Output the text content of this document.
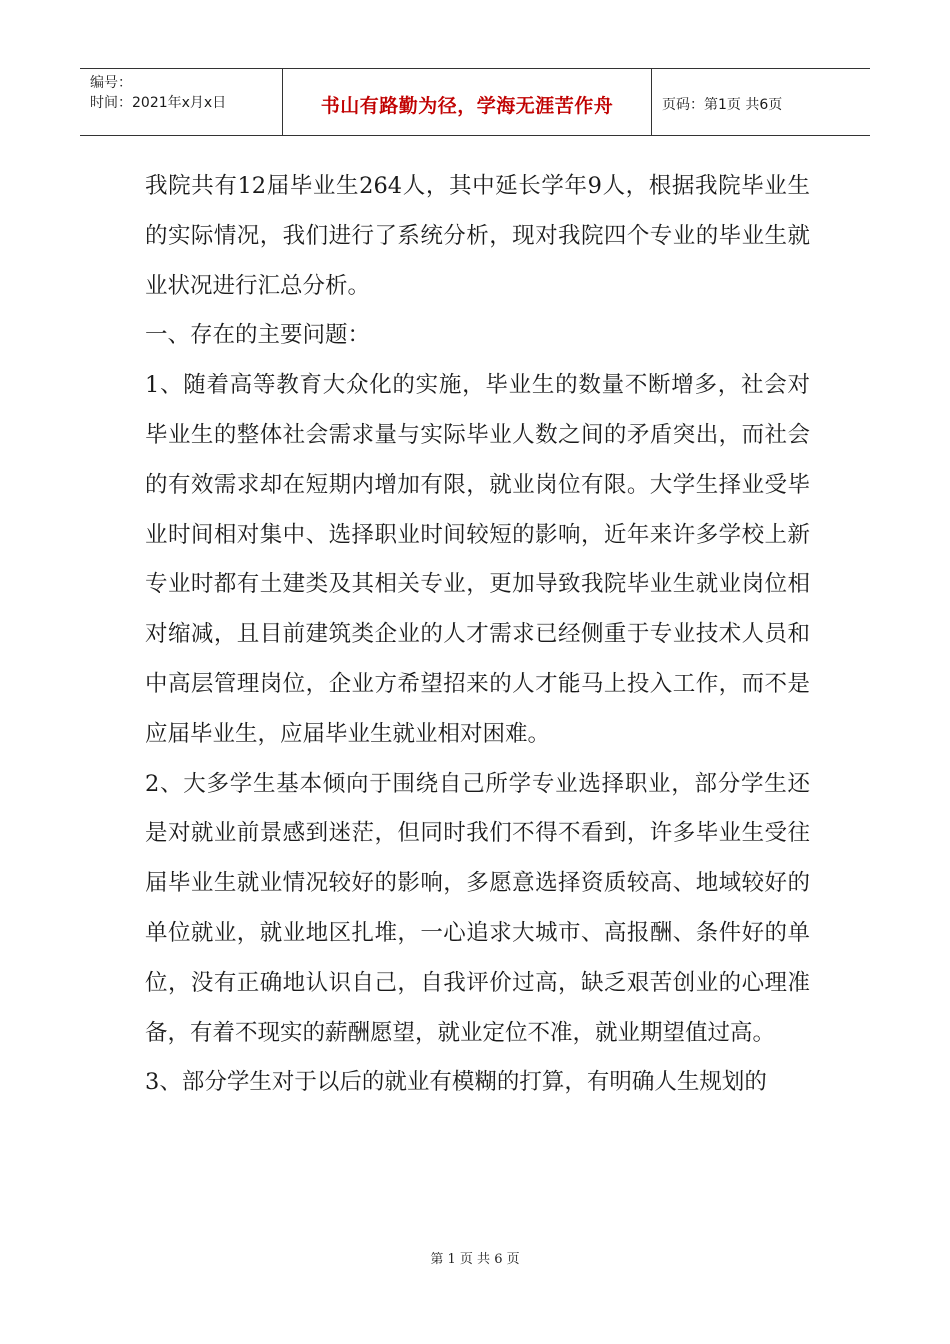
编号：
时间：2021年x月x日	书山有路勤为径，学海无涯苦作舟	页码：第1页 共6页

我院共有12届毕业生264人，其中延长学年9人，根据我院毕业生的实际情况，我们进行了系统分析，现对我院四个专业的毕业生就业状况进行汇总分析。

一、存在的主要问题：

1、随着高等教育大众化的实施，毕业生的数量不断增多，社会对毕业生的整体社会需求量与实际毕业人数之间的矛盾突出，而社会的有效需求却在短期内增加有限，就业岗位有限。大学生择业受毕业时间相对集中、选择职业时间较短的影响，近年来许多学校上新专业时都有土建类及其相关专业，更加导致我院毕业生就业岗位相对缩减，且目前建筑类企业的人才需求已经侧重于专业技术人员和中高层管理岗位，企业方希望招来的人才能马上投入工作，而不是应届毕业生，应届毕业生就业相对困难。

2、大多学生基本倾向于围绕自己所学专业选择职业，部分学生还是对就业前景感到迷茫，但同时我们不得不看到，许多毕业生受往届毕业生就业情况较好的影响，多愿意选择资质较高、地域较好的单位就业，就业地区扎堆，一心追求大城市、高报酬、条件好的单位，没有正确地认识自己，自我评价过高，缺乏艰苦创业的心理准备，有着不现实的薪酬愿望，就业定位不准，就业期望值过高。

3、部分学生对于以后的就业有模糊的打算，有明确人生规划的

第 1 页 共 6 页
